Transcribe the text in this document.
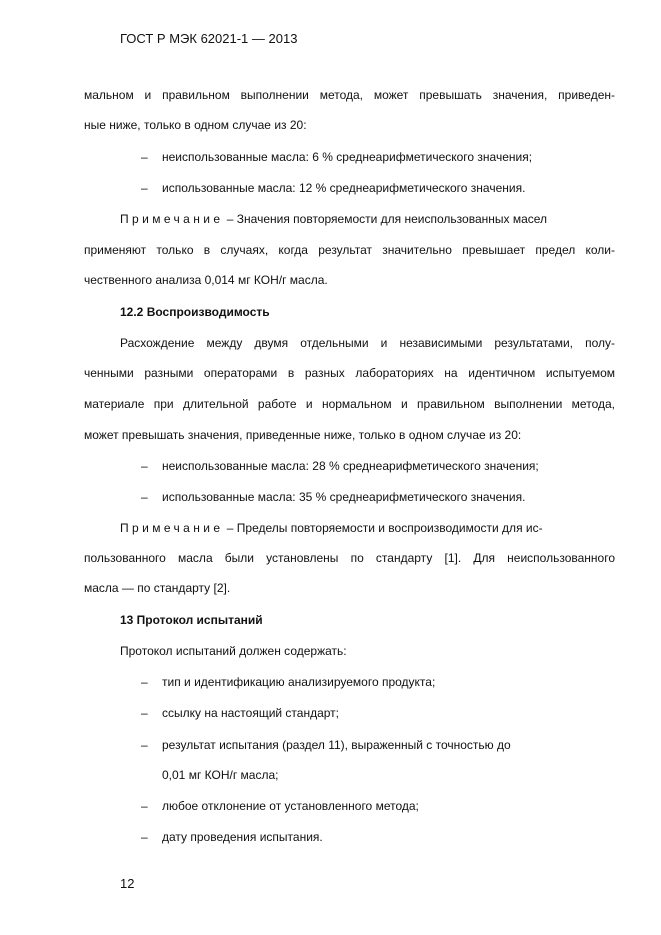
ГОСТ Р МЭК 62021-1 — 2013
мальном и правильном выполнении метода, может превышать значения, приведен-
ные ниже, только в одном случае из 20:
– неиспользованные масла: 6 % среднеарифметического значения;
– использованные масла: 12 % среднеарифметического значения.
Примечание – Значения повторяемости для неиспользованных масел
применяют только в случаях, когда результат значительно превышает предел коли-
чественного анализа 0,014 мг КОН/г масла.
12.2 Воспроизводимость
Расхождение между двумя отдельными и независимыми результатами, полу-
ченными разными операторами в разных лабораториях на идентичном испытуемом
материале при длительной работе и нормальном и правильном выполнении метода,
может превышать значения, приведенные ниже, только в одном случае из 20:
– неиспользованные масла: 28 % среднеарифметического значения;
– использованные масла: 35 % среднеарифметического значения.
Примечание – Пределы повторяемости и воспроизводимости для ис-
пользованного масла были установлены по стандарту [1]. Для неиспользованного
масла — по стандарту [2].
13 Протокол испытаний
Протокол испытаний должен содержать:
– тип и идентификацию анализируемого продукта;
– ссылку на настоящий стандарт;
– результат испытания (раздел 11), выраженный с точностью до
0,01 мг КОН/г масла;
– любое отклонение от установленного метода;
– дату проведения испытания.
12
